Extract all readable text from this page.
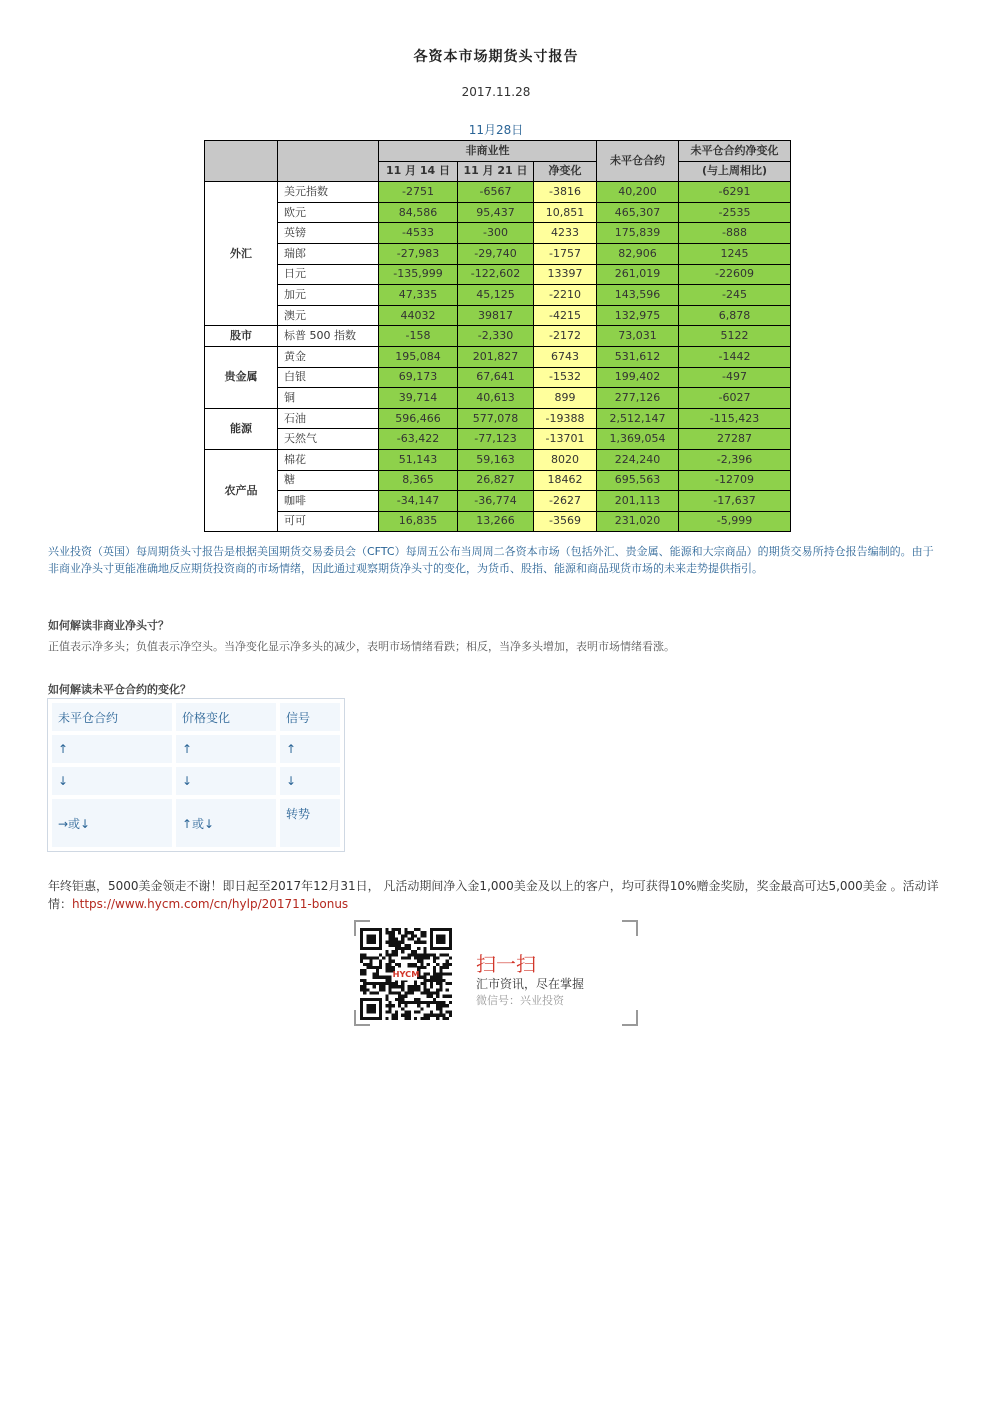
各资本市场期货头寸报告
2017.11.28
11月28日
		非商业性			未平仓合约	未平仓合约净变化
		11 月 14 日	11 月 21 日	净变化		(与上周相比)
外汇	美元指数	-2751	-6567	-3816	40,200	-6291
	欧元	84,586	95,437	10,851	465,307	-2535
	英镑	-4533	-300	4233	175,839	-888
	瑞郎	-27,983	-29,740	-1757	82,906	1245
	日元	-135,999	-122,602	13397	261,019	-22609
	加元	47,335	45,125	-2210	143,596	-245
	澳元	44032	39817	-4215	132,975	6,878
股市	标普 500 指数	-158	-2,330	-2172	73,031	5122
贵金属	黄金	195,084	201,827	6743	531,612	-1442
	白银	69,173	67,641	-1532	199,402	-497
	铜	39,714	40,613	899	277,126	-6027
能源	石油	596,466	577,078	-19388	2,512,147	-115,423
	天然气	-63,422	-77,123	-13701	1,369,054	27287
农产品	棉花	51,143	59,163	8020	224,240	-2,396
	糖	8,365	26,827	18462	695,563	-12709
	咖啡	-34,147	-36,774	-2627	201,113	-17,637
	可可	16,835	13,266	-3569	231,020	-5,999
兴业投资（英国）每周期货头寸报告是根据美国期货交易委员会（CFTC）每周五公布当周周二各资本市场（包括外汇、贵金属、能源和大宗商品）的期货交易所持仓报告编制的。由于非商业净头寸更能准确地反应期货投资商的市场情绪，因此通过观察期货净头寸的变化，为货币、股指、能源和商品现货市场的未来走势提供指引。
如何解读非商业净头寸？
正值表示净多头；负值表示净空头。当净变化显示净多头的减少，表明市场情绪看跌；相反，当净多头增加，表明市场情绪看涨。
如何解读未平仓合约的变化？
未平仓合约	价格变化	信号
↑	↑	↑
↓	↓	↓
→或↓	↑或↓	转势
年终钜惠，5000美金领走不谢！即日起至2017年12月31日， 凡活动期间净入金1,000美金及以上的客户，均可获得10%赠金奖励，奖金最高可达5,000美金 。活动详情：https://www.hycm.com/cn/hylp/201711-bonus
HYCM	扫一扫
汇市资讯，尽在掌握
微信号：兴业投资
